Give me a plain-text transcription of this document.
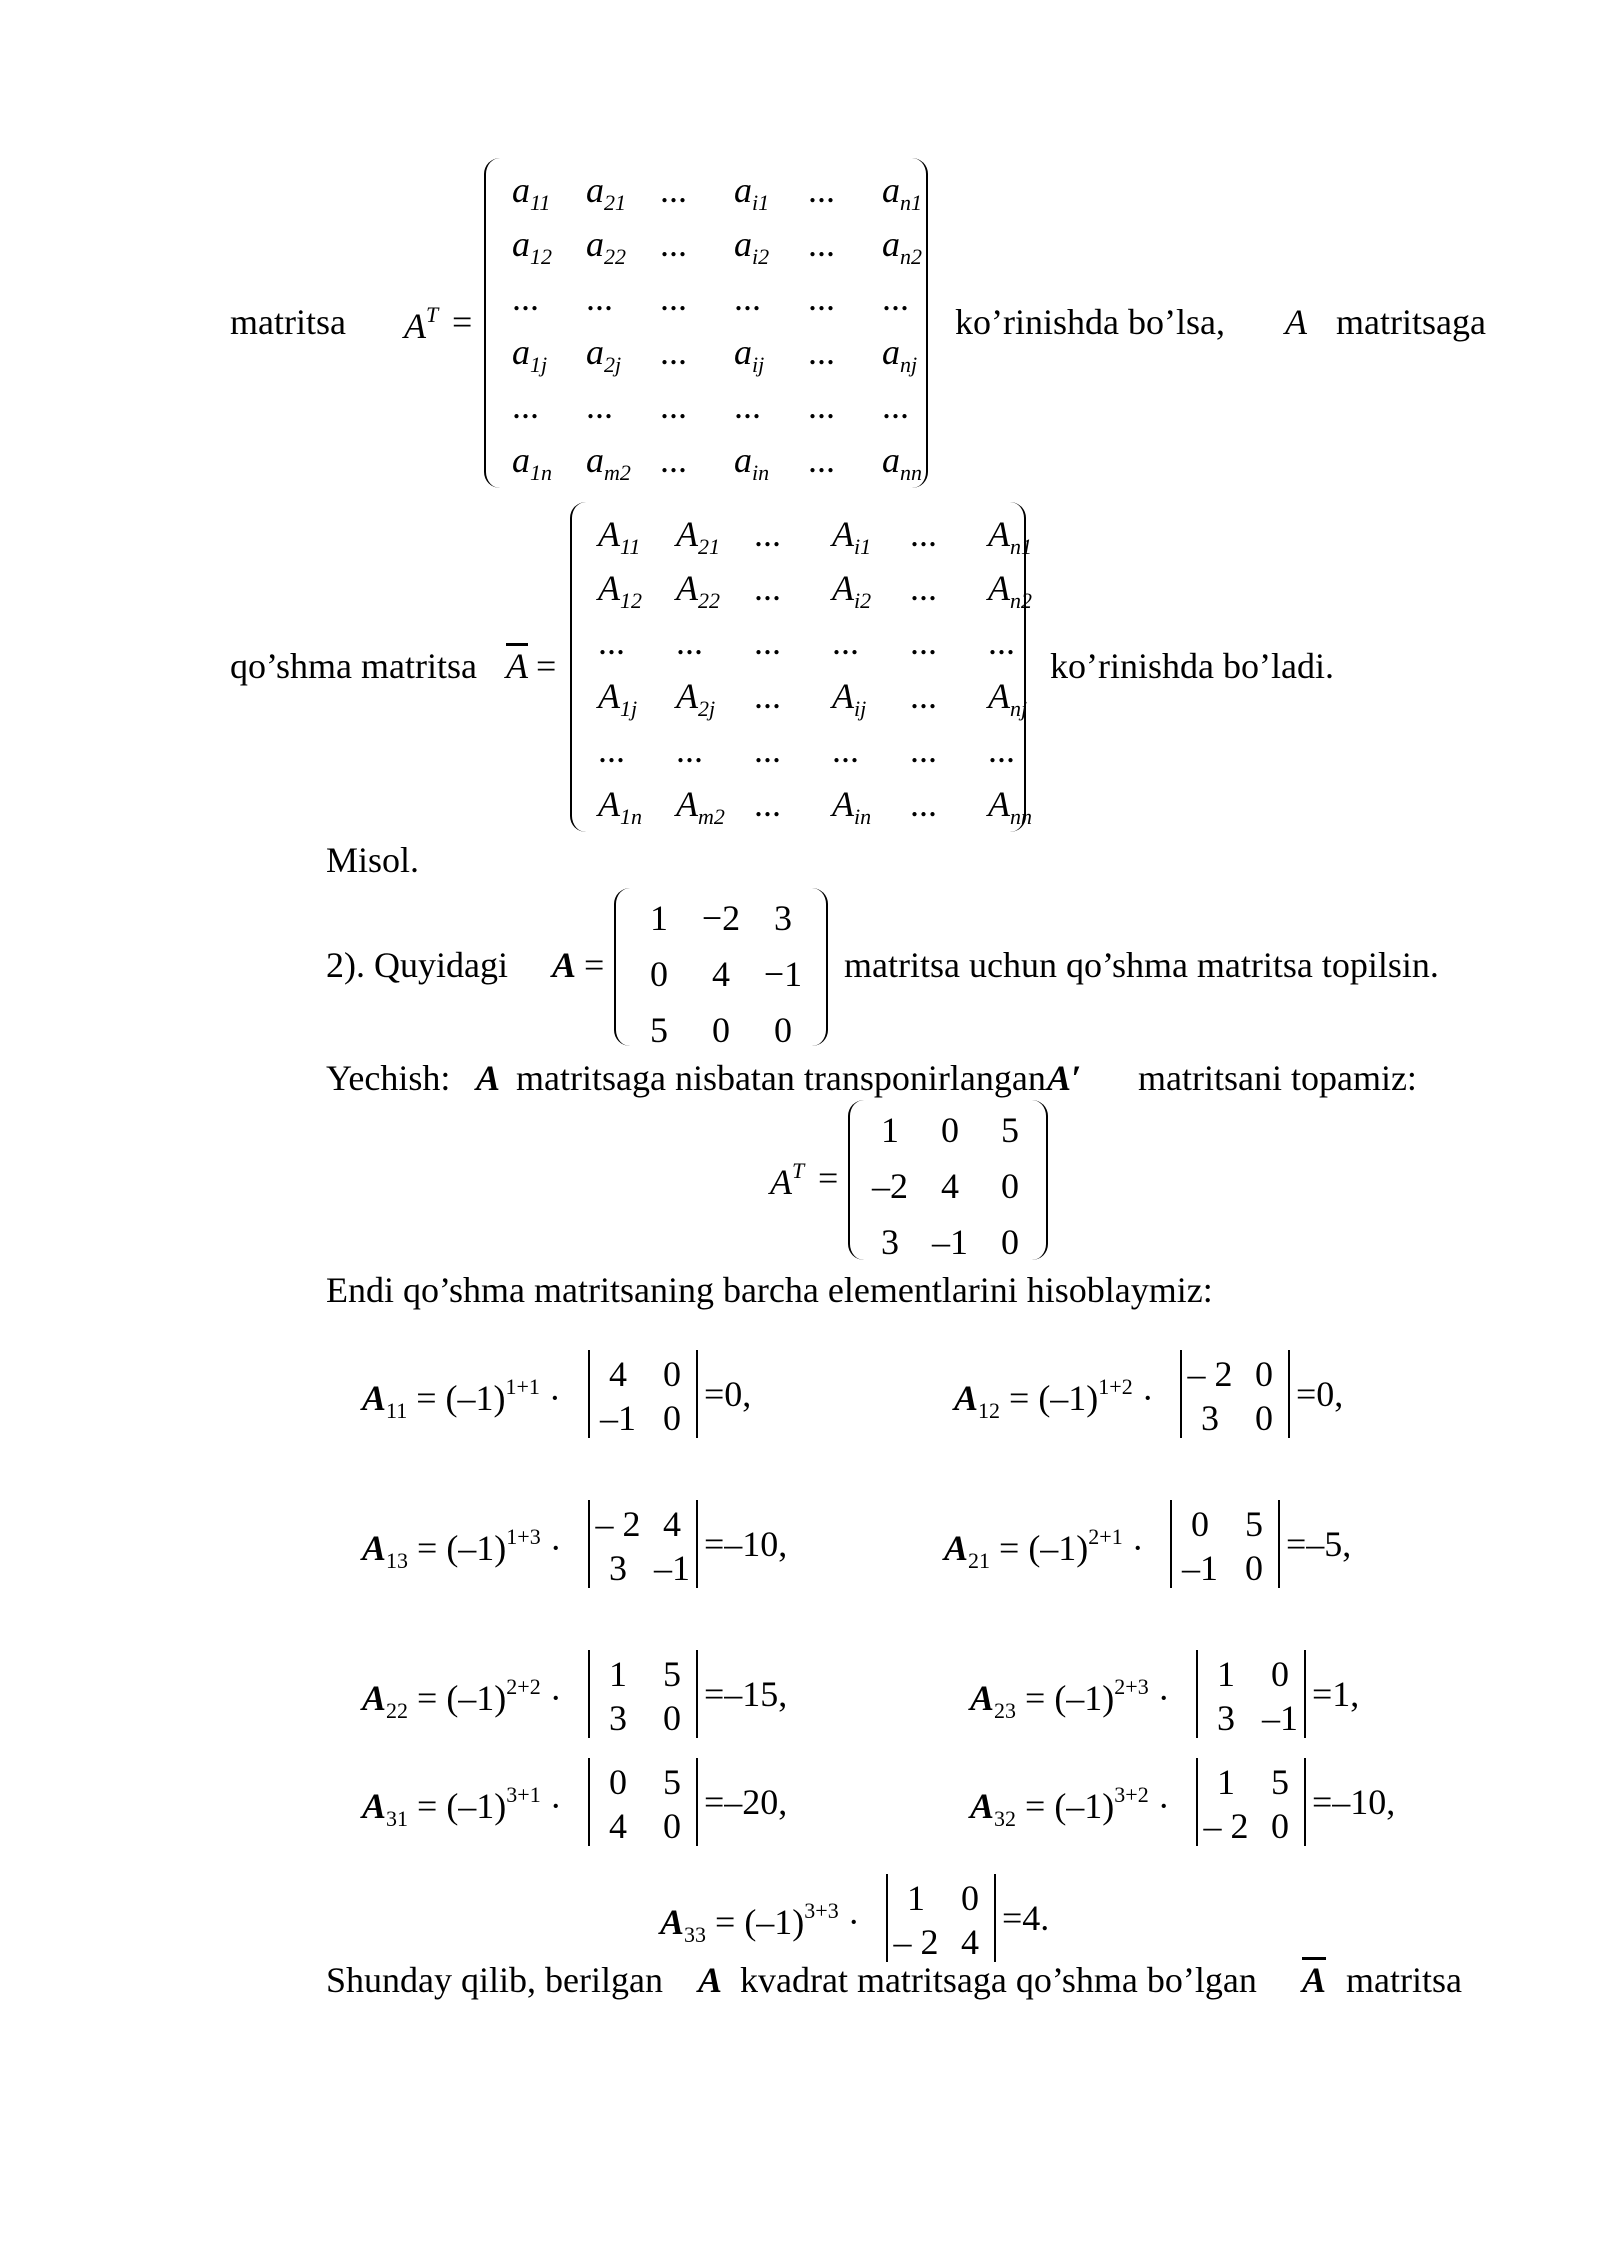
matritsa $A^T$ =
$a_{11}$ $a_{21}$ ... $a_{i1}$ ... $a_{n1}$
$a_{12}$ $a_{22}$ ... $a_{i2}$ ... $a_{n2}$
... ... ... ... ... ...
$a_{1j}$ $a_{2j}$ ... $a_{ij}$ ... $a_{nj}$
... ... ... ... ... ...
$a_{1n}$ $a_{m2}$ ... $a_{in}$ ... $a_{nn}$
ko’rinishda bo’lsa, A matritsaga
qo’shma matritsa $\overline{A}$ =
$A_{11}$ $A_{21}$ ... $A_{i1}$ ... $A_{n1}$
$A_{12}$ $A_{22}$ ... $A_{i2}$ ... $A_{n2}$
... ... ... ... ... ...
$A_{1j}$ $A_{2j}$ ... $A_{ij}$ ... $A_{nj}$
... ... ... ... ... ...
$A_{1n}$ $A_{m2}$ ... $A_{in}$ ... $A_{nn}$
ko’rinishda bo’ladi.
Misol.
2). Quyidagi A =
1 −2 3
0	4 −1
5	0	0
matritsa uchun qo’shma matritsa topilsin.
Yechish: A matritsaga nisbatan transponirlangan A′ matritsani topamiz:
$A^T$ =
1	0	5
–2 4	0
3 –1 0
Endi qo’shma matritsaning barcha elementlarini hisoblaymiz:
$A_{11} = (-1)^{1+1}$ ·
4	0
–1 0
=0,	$A_{12} = (-1)^{1+2}$ ·
– 2 0
3	0
=0,
$A_{13} = (-1)^{1+3}$ ·
– 2 4
3 –1
=–10,	$A_{21} = (-1)^{2+1}$ ·
0	5
–1 0
=–5,
$A_{22} = (-1)^{2+2}$ ·
1	5
3	0
=–15,	$A_{23} = (-1)^{2+3}$ ·
1	0
3 –1
=1,
$A_{31} = (-1)^{3+1}$ ·
0	5
4	0
=–20,	$A_{32} = (-1)^{3+2}$ ·
1	5
– 2 0
=–10,
$A_{33} = (-1)^{3+3}$ ·
1	0
– 2 4
=4.
Shunday qilib, berilgan A kvadrat matritsaga qo’shma bo’lgan $\overline{A}$ matritsa
